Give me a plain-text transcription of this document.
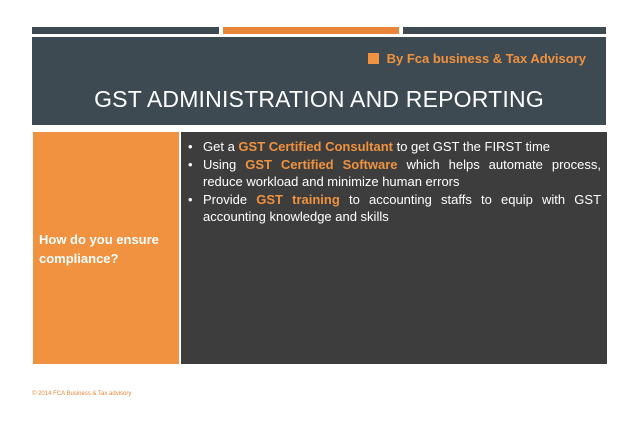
By Fca business & Tax Advisory
GST ADMINISTRATION AND REPORTING
How do you ensure compliance?
• Get a GST Certified Consultant to get GST the FIRST time
• Using GST Certified Software which helps automate process, reduce workload and minimize human errors
• Provide GST training to accounting staffs to equip with GST accounting knowledge and skills
© 2014 FCA Business & Tax advisory
